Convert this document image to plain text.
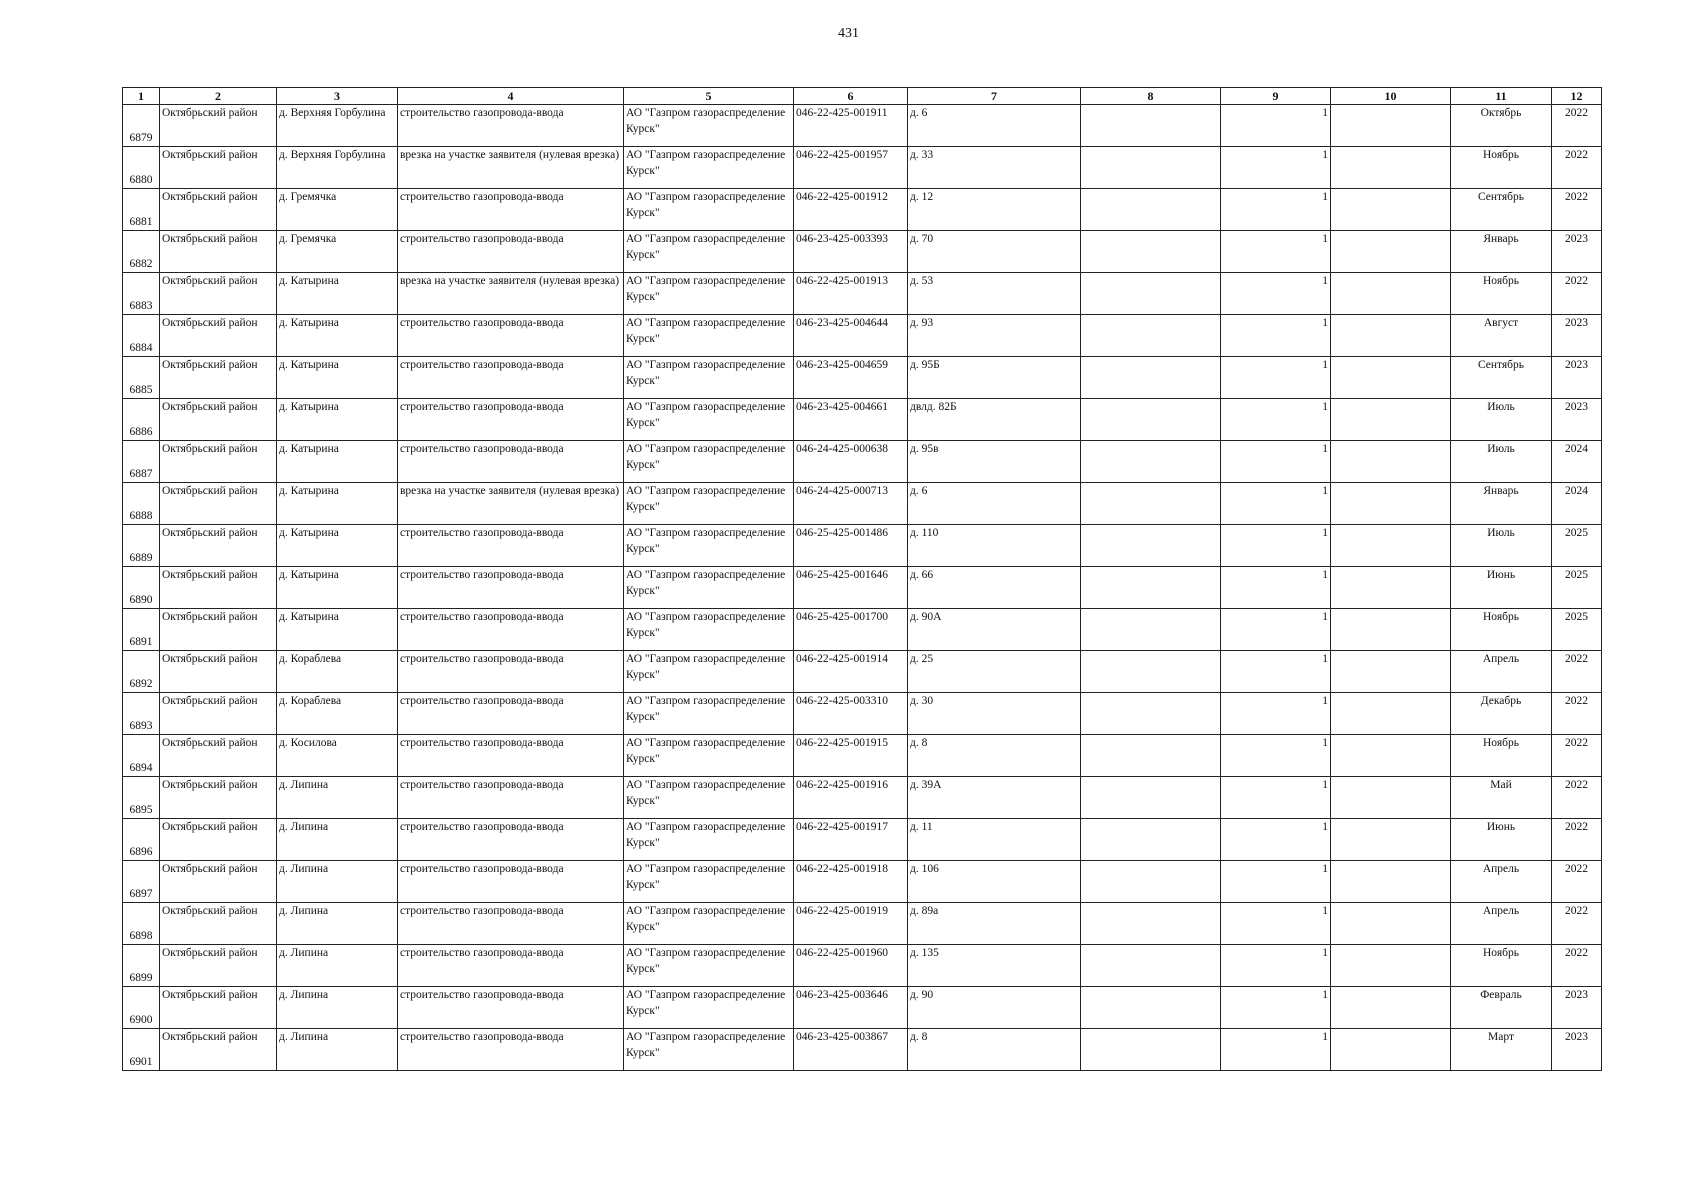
431
1	2	3	4	5	6	7	8	9	10	11	12
6879	Октябрьский район	д. Верхняя Горбулина	строительство газопровода-ввода	АО "Газпром газораспределение Курск"	046-22-425-001911	д. 6		1		Октябрь	2022
6880	Октябрьский район	д. Верхняя Горбулина	врезка на участке заявителя (нулевая врезка)	АО "Газпром газораспределение Курск"	046-22-425-001957	д. 33		1		Ноябрь	2022
6881	Октябрьский район	д. Гремячка	строительство газопровода-ввода	АО "Газпром газораспределение Курск"	046-22-425-001912	д. 12		1		Сентябрь	2022
6882	Октябрьский район	д. Гремячка	строительство газопровода-ввода	АО "Газпром газораспределение Курск"	046-23-425-003393	д. 70		1		Январь	2023
6883	Октябрьский район	д. Катырина	врезка на участке заявителя (нулевая врезка)	АО "Газпром газораспределение Курск"	046-22-425-001913	д. 53		1		Ноябрь	2022
6884	Октябрьский район	д. Катырина	строительство газопровода-ввода	АО "Газпром газораспределение Курск"	046-23-425-004644	д. 93		1		Август	2023
6885	Октябрьский район	д. Катырина	строительство газопровода-ввода	АО "Газпром газораспределение Курск"	046-23-425-004659	д. 95Б		1		Сентябрь	2023
6886	Октябрьский район	д. Катырина	строительство газопровода-ввода	АО "Газпром газораспределение Курск"	046-23-425-004661	двлд. 82Б		1		Июль	2023
6887	Октябрьский район	д. Катырина	строительство газопровода-ввода	АО "Газпром газораспределение Курск"	046-24-425-000638	д. 95в		1		Июль	2024
6888	Октябрьский район	д. Катырина	врезка на участке заявителя (нулевая врезка)	АО "Газпром газораспределение Курск"	046-24-425-000713	д. 6		1		Январь	2024
6889	Октябрьский район	д. Катырина	строительство газопровода-ввода	АО "Газпром газораспределение Курск"	046-25-425-001486	д. 110		1		Июль	2025
6890	Октябрьский район	д. Катырина	строительство газопровода-ввода	АО "Газпром газораспределение Курск"	046-25-425-001646	д. 66		1		Июнь	2025
6891	Октябрьский район	д. Катырина	строительство газопровода-ввода	АО "Газпром газораспределение Курск"	046-25-425-001700	д. 90А		1		Ноябрь	2025
6892	Октябрьский район	д. Кораблева	строительство газопровода-ввода	АО "Газпром газораспределение Курск"	046-22-425-001914	д. 25		1		Апрель	2022
6893	Октябрьский район	д. Кораблева	строительство газопровода-ввода	АО "Газпром газораспределение Курск"	046-22-425-003310	д. 30		1		Декабрь	2022
6894	Октябрьский район	д. Косилова	строительство газопровода-ввода	АО "Газпром газораспределение Курск"	046-22-425-001915	д. 8		1		Ноябрь	2022
6895	Октябрьский район	д. Липина	строительство газопровода-ввода	АО "Газпром газораспределение Курск"	046-22-425-001916	д. 39А		1		Май	2022
6896	Октябрьский район	д. Липина	строительство газопровода-ввода	АО "Газпром газораспределение Курск"	046-22-425-001917	д. 11		1		Июнь	2022
6897	Октябрьский район	д. Липина	строительство газопровода-ввода	АО "Газпром газораспределение Курск"	046-22-425-001918	д. 106		1		Апрель	2022
6898	Октябрьский район	д. Липина	строительство газопровода-ввода	АО "Газпром газораспределение Курск"	046-22-425-001919	д. 89а		1		Апрель	2022
6899	Октябрьский район	д. Липина	строительство газопровода-ввода	АО "Газпром газораспределение Курск"	046-22-425-001960	д. 135		1		Ноябрь	2022
6900	Октябрьский район	д. Липина	строительство газопровода-ввода	АО "Газпром газораспределение Курск"	046-23-425-003646	д. 90		1		Февраль	2023
6901	Октябрьский район	д. Липина	строительство газопровода-ввода	АО "Газпром газораспределение Курск"	046-23-425-003867	д. 8		1		Март	2023
